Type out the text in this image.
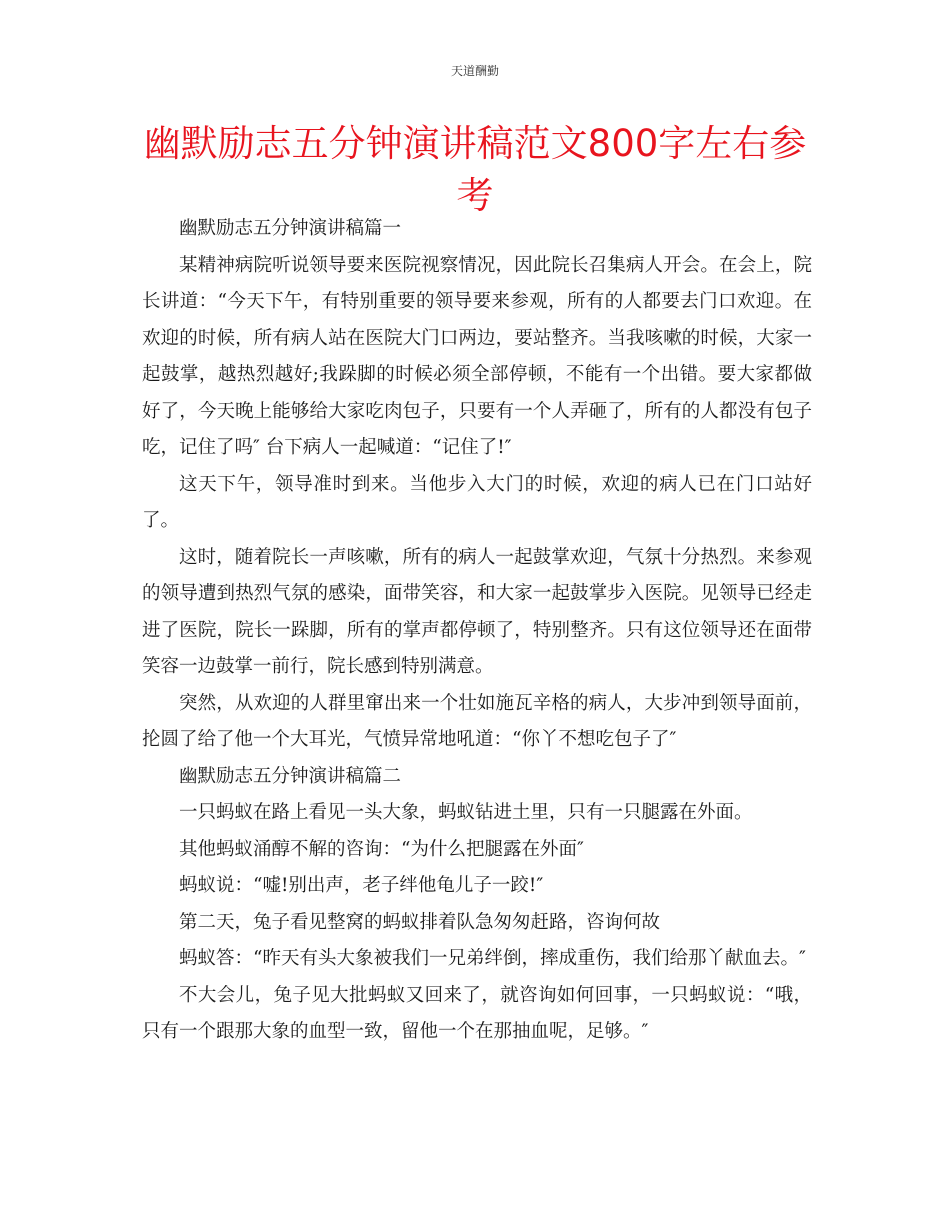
天道酬勤
幽默励志五分钟演讲稿范文800字左右参考

幽默励志五分钟演讲稿篇一

某精神病院听说领导要来医院视察情况，因此院长召集病人开会。在会上，院长讲道：“今天下午，有特别重要的领导要来参观，所有的人都要去门口欢迎。在欢迎的时候，所有病人站在医院大门口两边，要站整齐。当我咳嗽的时候，大家一起鼓掌，越热烈越好;我跺脚的时候必须全部停顿，不能有一个出错。要大家都做好了，今天晚上能够给大家吃肉包子，只要有一个人弄砸了，所有的人都没有包子吃，记住了吗″ 台下病人一起喊道：“记住了!″

这天下午，领导准时到来。当他步入大门的时候，欢迎的病人已在门口站好了。

这时，随着院长一声咳嗽，所有的病人一起鼓掌欢迎，气氛十分热烈。来参观的领导遭到热烈气氛的感染，面带笑容，和大家一起鼓掌步入医院。见领导已经走进了医院，院长一跺脚，所有的掌声都停顿了，特别整齐。只有这位领导还在面带笑容一边鼓掌一前行，院长感到特别满意。

突然，从欢迎的人群里窜出来一个壮如施瓦辛格的病人，大步冲到领导面前，抡圆了给了他一个大耳光，气愤异常地吼道：“你丫不想吃包子了″

幽默励志五分钟演讲稿篇二

一只蚂蚁在路上看见一头大象，蚂蚁钻进土里，只有一只腿露在外面。

其他蚂蚁涌醇不解的咨询：“为什么把腿露在外面″

蚂蚁说：“嘘!别出声，老子绊他龟儿子一跤!″

第二天，兔子看见整窝的蚂蚁排着队急匆匆赶路，咨询何故

蚂蚁答：“昨天有头大象被我们一兄弟绊倒，摔成重伤，我们给那丫献血去。″

不大会儿，兔子见大批蚂蚁又回来了，就咨询如何回事，一只蚂蚁说：“哦，只有一个跟那大象的血型一致，留他一个在那抽血呢，足够。″
